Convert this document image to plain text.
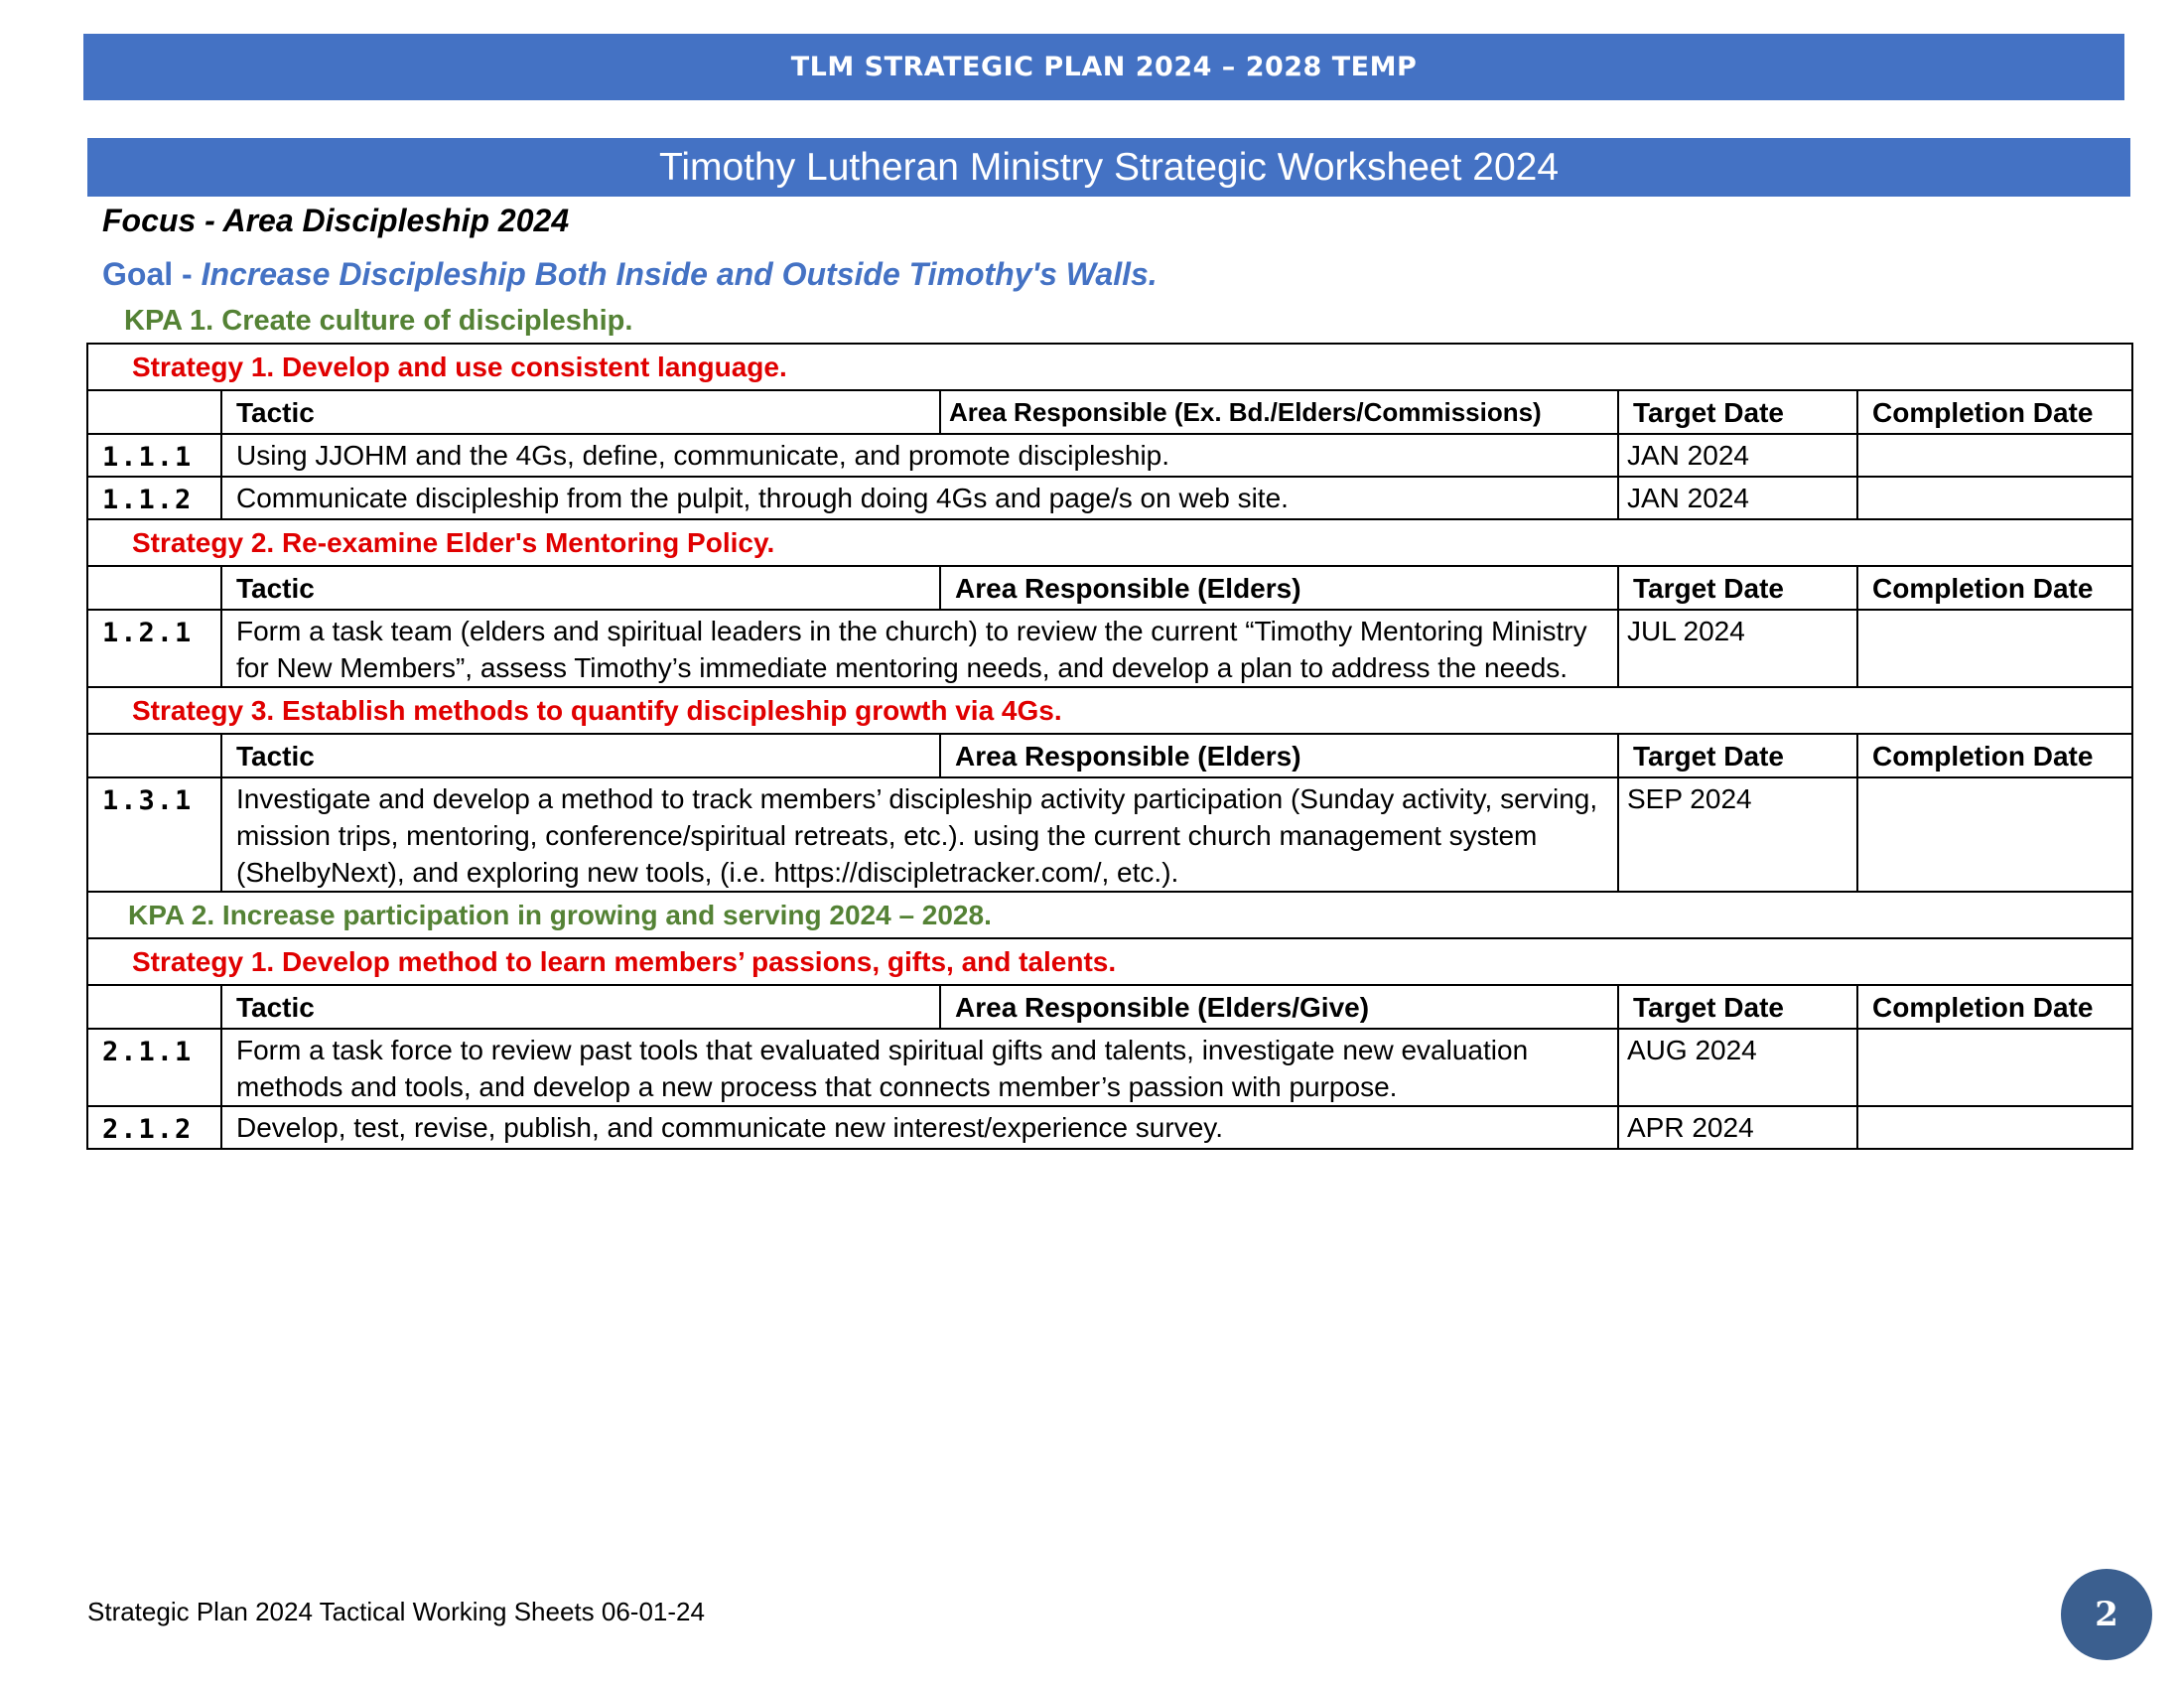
TLM STRATEGIC PLAN 2024 – 2028 TEMP
Timothy Lutheran Ministry Strategic Worksheet 2024
Focus - Area Discipleship 2024
Goal - Increase Discipleship Both Inside and Outside Timothy's Walls.
KPA 1. Create culture of discipleship.
Strategy 1. Develop and use consistent language.				
	Tactic	Area Responsible (Ex. Bd./Elders/Commissions)	Target Date	Completion Date
1.1.1	Using JJOHM and the 4Gs, define, communicate, and promote discipleship.		JAN 2024	
1.1.2	Communicate discipleship from the pulpit, through doing 4Gs and page/s on web site.		JAN 2024	
Strategy 2. Re-examine Elder's Mentoring Policy.				
	Tactic	Area Responsible (Elders)	Target Date	Completion Date
1.2.1	Form a task team (elders and spiritual leaders in the church) to review the current “Timothy Mentoring Ministry for New Members”, assess Timothy’s immediate mentoring needs, and develop a plan to address the needs.		JUL 2024	
Strategy 3. Establish methods to quantify discipleship growth via 4Gs.				
	Tactic	Area Responsible (Elders)	Target Date	Completion Date
1.3.1	Investigate and develop a method to track members’ discipleship activity participation (Sunday activity, serving, mission trips, mentoring, conference/spiritual retreats, etc.). using the current church management system (ShelbyNext), and exploring new tools, (i.e. https://discipletracker.com/, etc.).		SEP 2024	
KPA 2. Increase participation in growing and serving 2024 – 2028.				
Strategy 1. Develop method to learn members’ passions, gifts, and talents.				
	Tactic	Area Responsible (Elders/Give)	Target Date	Completion Date
2.1.1	Form a task force to review past tools that evaluated spiritual gifts and talents, investigate new evaluation methods and tools, and develop a new process that connects member’s passion with purpose.		AUG 2024	
2.1.2	Develop, test, revise, publish, and communicate new interest/experience survey.		APR 2024	
Strategic Plan 2024 Tactical Working Sheets 06-01-24	2
